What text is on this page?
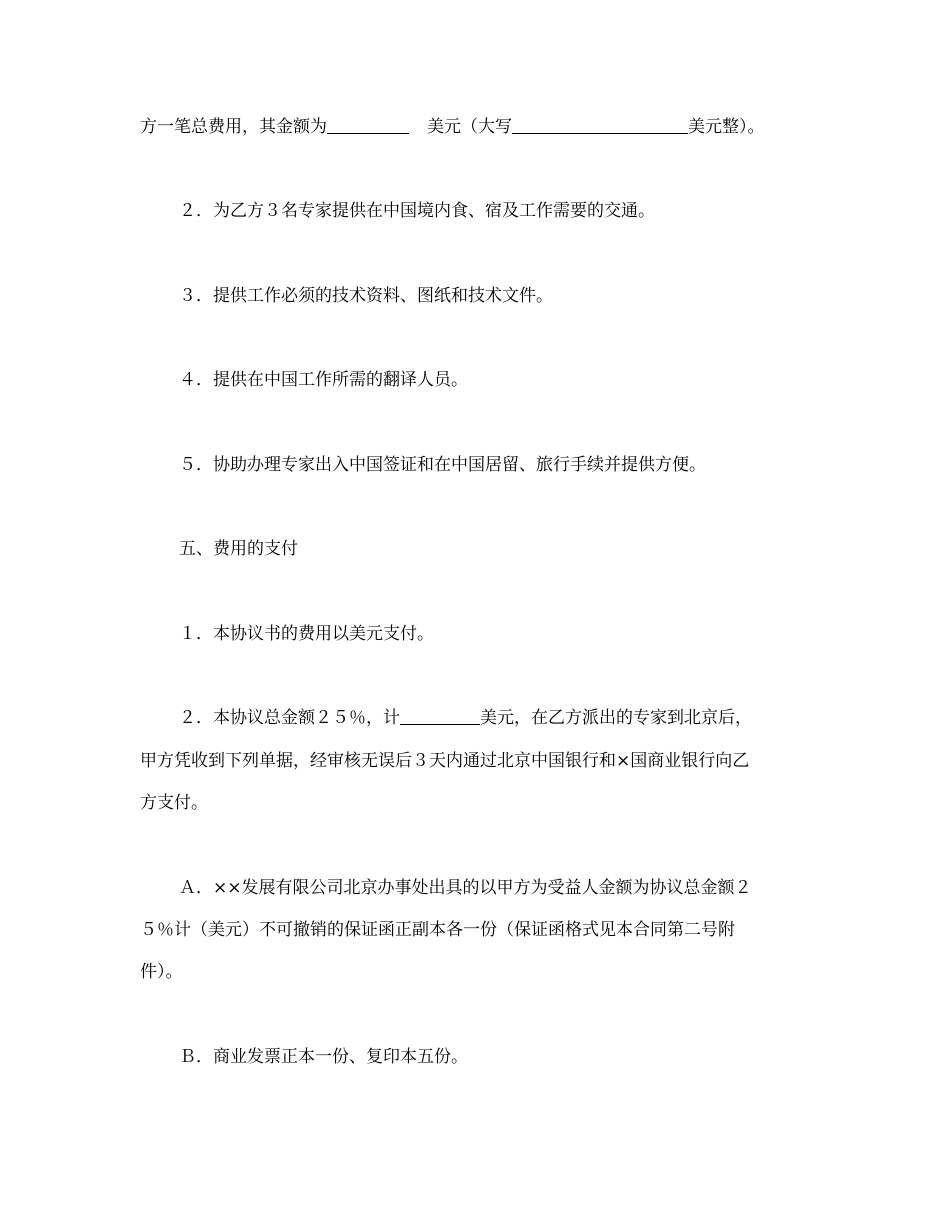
方一笔总费用，其金额为	美元（大写	美元整）。
２．为乙方３名专家提供在中国境内食、宿及工作需要的交通。
３．提供工作必须的技术资料、图纸和技术文件。
４．提供在中国工作所需的翻译人员。
５．协助办理专家出入中国签证和在中国居留、旅行手续并提供方便。
五、费用的支付
１．本协议书的费用以美元支付。
２．本协议总金额２５％，计	美元，在乙方派出的专家到北京后，
甲方凭收到下列单据，经审核无误后３天内通过北京中国银行和×国商业银行向乙
方支付。
Ａ．××发展有限公司北京办事处出具的以甲方为受益人金额为协议总金额２
５％计（美元）不可撤销的保证函正副本各一份（保证函格式见本合同第二号附
件）。
Ｂ．商业发票正本一份、复印本五份。
